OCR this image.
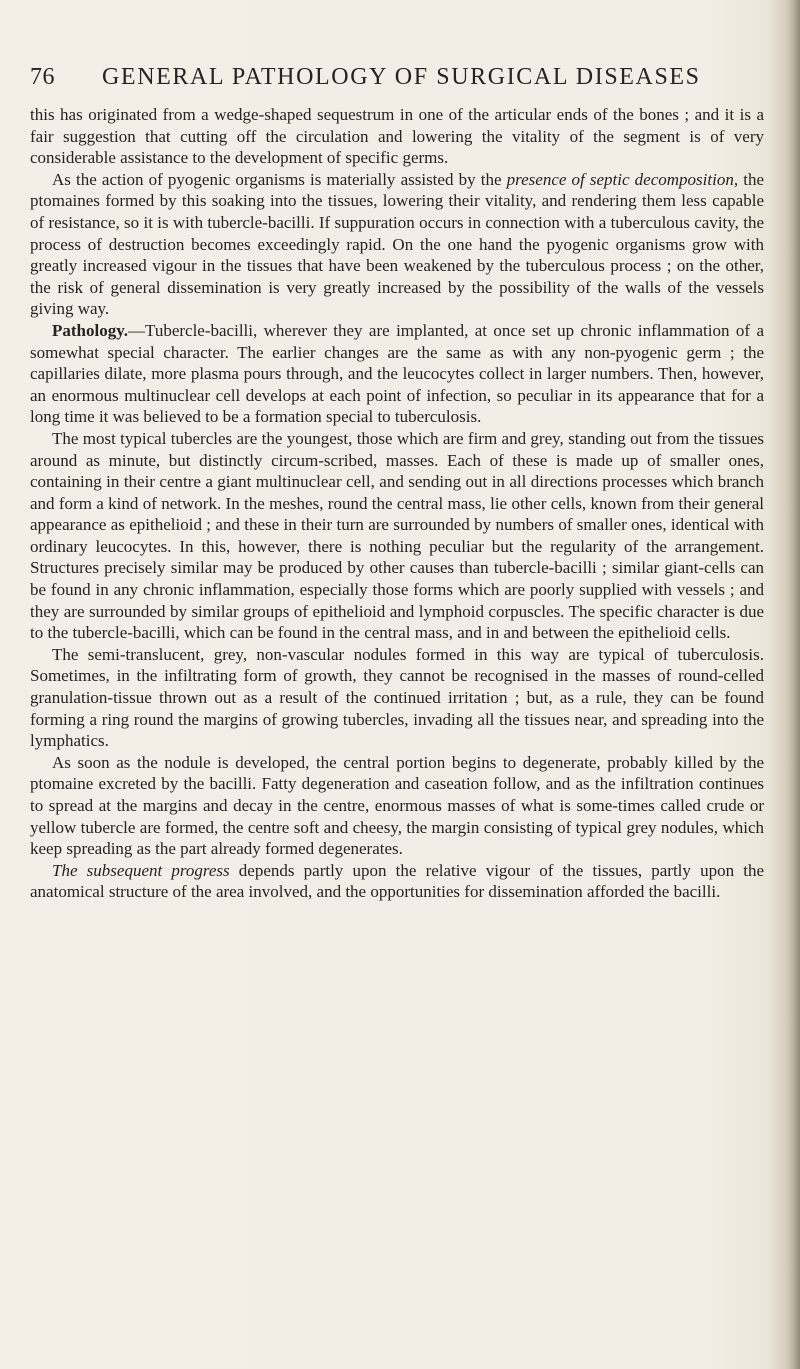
76 GENERAL PATHOLOGY OF SURGICAL DISEASES

this has originated from a wedge-shaped sequestrum in one of the articular ends of the bones ; and it is a fair suggestion that cutting off the circulation and lowering the vitality of the segment is of very considerable assistance to the development of specific germs.

As the action of pyogenic organisms is materially assisted by the presence of septic decomposition, the ptomaines formed by this soaking into the tissues, lowering their vitality, and rendering them less capable of resistance, so it is with tubercle-bacilli. If suppuration occurs in connection with a tuberculous cavity, the process of destruction becomes exceedingly rapid. On the one hand the pyogenic organisms grow with greatly increased vigour in the tissues that have been weakened by the tuberculous process ; on the other, the risk of general dissemination is very greatly increased by the possibility of the walls of the vessels giving way.

Pathology.—Tubercle-bacilli, wherever they are implanted, at once set up chronic inflammation of a somewhat special character. The earlier changes are the same as with any non-pyogenic germ ; the capillaries dilate, more plasma pours through, and the leucocytes collect in larger numbers. Then, however, an enormous multinuclear cell develops at each point of infection, so peculiar in its appearance that for a long time it was believed to be a formation special to tuberculosis.

The most typical tubercles are the youngest, those which are firm and grey, standing out from the tissues around as minute, but distinctly circum-scribed, masses. Each of these is made up of smaller ones, containing in their centre a giant multinuclear cell, and sending out in all directions processes which branch and form a kind of network. In the meshes, round the central mass, lie other cells, known from their general appearance as epithelioid ; and these in their turn are surrounded by numbers of smaller ones, identical with ordinary leucocytes. In this, however, there is nothing peculiar but the regularity of the arrangement. Structures precisely similar may be produced by other causes than tubercle-bacilli ; similar giant-cells can be found in any chronic inflammation, especially those forms which are poorly supplied with vessels ; and they are surrounded by similar groups of epithelioid and lymphoid corpuscles. The specific character is due to the tubercle-bacilli, which can be found in the central mass, and in and between the epithelioid cells.

The semi-translucent, grey, non-vascular nodules formed in this way are typical of tuberculosis. Sometimes, in the infiltrating form of growth, they cannot be recognised in the masses of round-celled granulation-tissue thrown out as a result of the continued irritation ; but, as a rule, they can be found forming a ring round the margins of growing tubercles, invading all the tissues near, and spreading into the lymphatics.

As soon as the nodule is developed, the central portion begins to degenerate, probably killed by the ptomaine excreted by the bacilli. Fatty degeneration and caseation follow, and as the infiltration continues to spread at the margins and decay in the centre, enormous masses of what is some-times called crude or yellow tubercle are formed, the centre soft and cheesy, the margin consisting of typical grey nodules, which keep spreading as the part already formed degenerates.

The subsequent progress depends partly upon the relative vigour of the tissues, partly upon the anatomical structure of the area involved, and the opportunities for dissemination afforded the bacilli.
